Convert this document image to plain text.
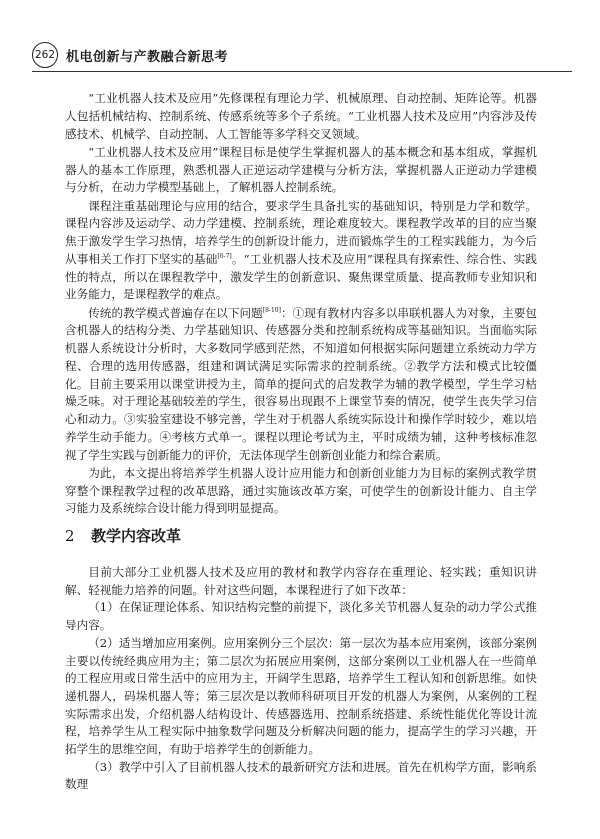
262 机电创新与产教融合新思考

“工业机器人技术及应用”先修课程有理论力学、机械原理、自动控制、矩阵论等。机器人包括机械结构、控制系统、传感系统等多个子系统。“工业机器人技术及应用”内容涉及传感技术、机械学、自动控制、人工智能等多学科交叉领域。

“工业机器人技术及应用”课程目标是使学生掌握机器人的基本概念和基本组成，掌握机器人的基本工作原理，熟悉机器人正逆运动学建模与分析方法，掌握机器人正逆动力学建模与分析，在动力学模型基础上，了解机器人控制系统。

课程注重基础理论与应用的结合，要求学生具备扎实的基础知识，特别是力学和数学。课程内容涉及运动学、动力学建模、控制系统，理论难度较大。课程教学改革的目的应当聚焦于激发学生学习热情，培养学生的创新设计能力，进而锻炼学生的工程实践能力，为今后从事相关工作打下坚实的基础[6-7]。“工业机器人技术及应用”课程具有探索性、综合性、实践性的特点，所以在课程教学中，激发学生的创新意识、聚焦课堂质量、提高教师专业知识和业务能力，是课程教学的难点。

传统的教学模式普遍存在以下问题[8-10]：①现有教材内容多以串联机器人为对象，主要包含机器人的结构分类、力学基础知识、传感器分类和控制系统构成等基础知识。当面临实际机器人系统设计分析时，大多数同学感到茫然，不知道如何根据实际问题建立系统动力学方程、合理的选用传感器，组建和调试满足实际需求的控制系统。②教学方法和模式比较僵化。目前主要采用以课堂讲授为主，简单的提问式的启发教学为辅的教学模型，学生学习枯燥乏味。对于理论基础较差的学生，很容易出现跟不上课堂节奏的情况，使学生丧失学习信心和动力。③实验室建设不够完善，学生对于机器人系统实际设计和操作学时较少，难以培养学生动手能力。④考核方式单一。课程以理论考试为主，平时成绩为辅，这种考核标准忽视了学生实践与创新能力的评价，无法体现学生创新创业能力和综合素质。

为此，本文提出将培养学生机器人设计应用能力和创新创业能力为目标的案例式教学贯穿整个课程教学过程的改革思路，通过实施该改革方案，可使学生的创新设计能力、自主学习能力及系统综合设计能力得到明显提高。

2 教学内容改革

目前大部分工业机器人技术及应用的教材和教学内容存在重理论、轻实践；重知识讲解、轻视能力培养的问题。针对这些问题，本课程进行了如下改革：

（1）在保证理论体系、知识结构完整的前提下，淡化多关节机器人复杂的动力学公式推导内容。

（2）适当增加应用案例。应用案例分三个层次：第一层次为基本应用案例，该部分案例主要以传统经典应用为主；第二层次为拓展应用案例，这部分案例以工业机器人在一些简单的工程应用或日常生活中的应用为主，开阔学生思路，培养学生工程认知和创新思维。如快递机器人，码垛机器人等；第三层次是以教师科研项目开发的机器人为案例，从案例的工程实际需求出发，介绍机器人结构设计、传感器选用、控制系统搭建、系统性能优化等设计流程，培养学生从工程实际中抽象数学问题及分析解决问题的能力，提高学生的学习兴趣，开拓学生的思维空间，有助于培养学生的创新能力。

（3）教学中引入了目前机器人技术的最新研究方法和进展。首先在机构学方面，影响系数理
